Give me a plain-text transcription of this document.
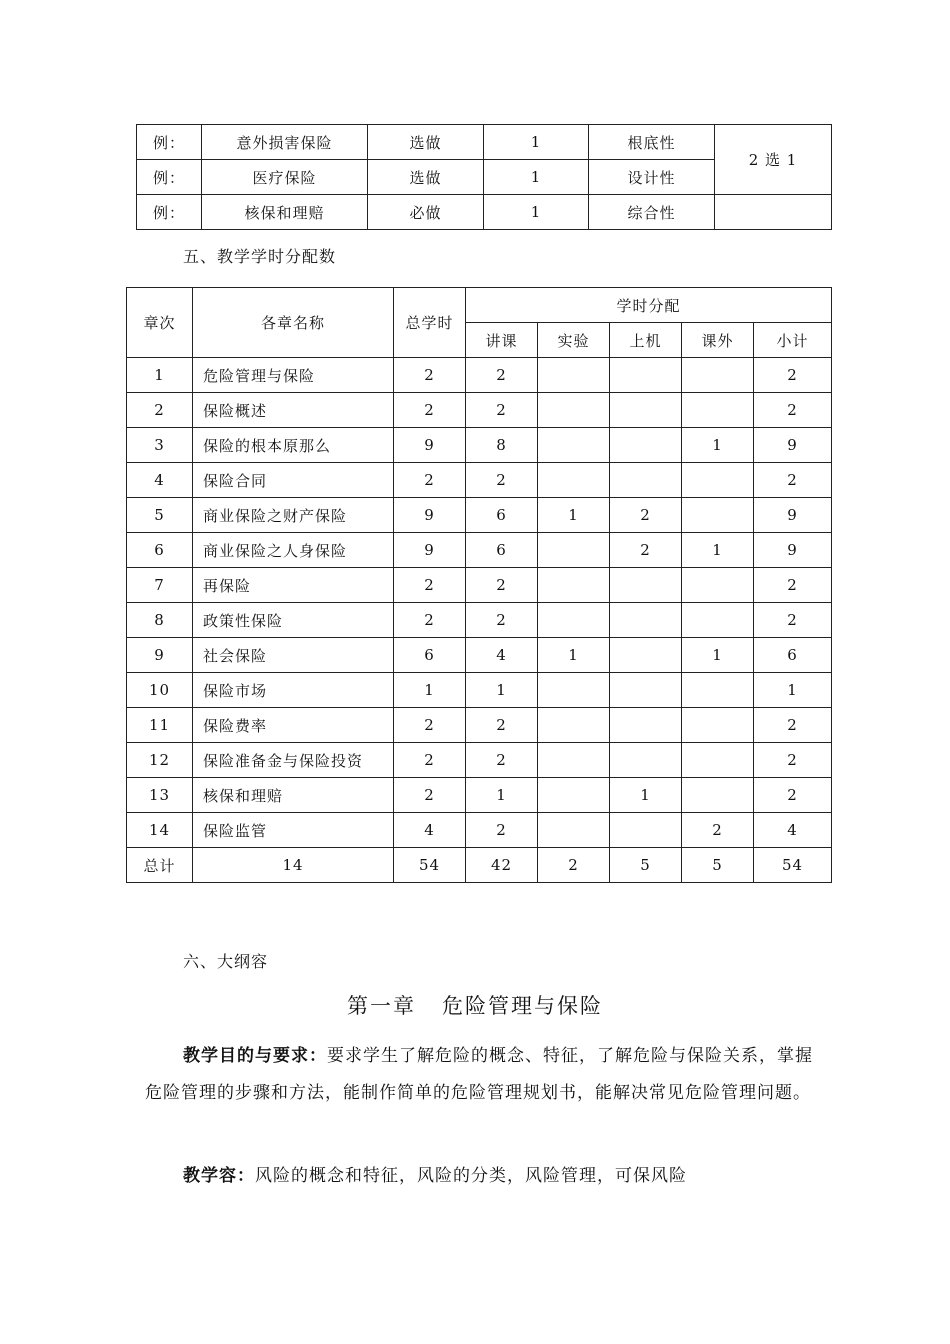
例：	意外损害保险	选做	1	根底性	2 选 1
例：	医疗保险	选做	1	设计性	
例：	核保和理赔	必做	1	综合性	
五、教学学时分配数
章次	各章名称	总学时	学时分配				
			讲课	实验	上机	课外	小计
1	危险管理与保险	2	2				2
2	保险概述	2	2				2
3	保险的根本原那么	9	8			1	9
4	保险合同	2	2				2
5	商业保险之财产保险	9	6	1	2		9
6	商业保险之人身保险	9	6		2	1	9
7	再保险	2	2				2
8	政策性保险	2	2				2
9	社会保险	6	4	1		1	6
10	保险市场	1	1				1
11	保险费率	2	2				2
12	保险准备金与保险投资	2	2				2
13	核保和理赔	2	1		1		2
14	保险监管	4	2			2	4
总计	14	54	42	2	5	5	54
六、大纲容
第一章 危险管理与保险
教学目的与要求：要求学生了解危险的概念、特征，了解危险与保险关系，掌握危险管理的步骤和方法，能制作简单的危险管理规划书，能解决常见危险管理问题。
教学容：风险的概念和特征，风险的分类，风险管理，可保风险
